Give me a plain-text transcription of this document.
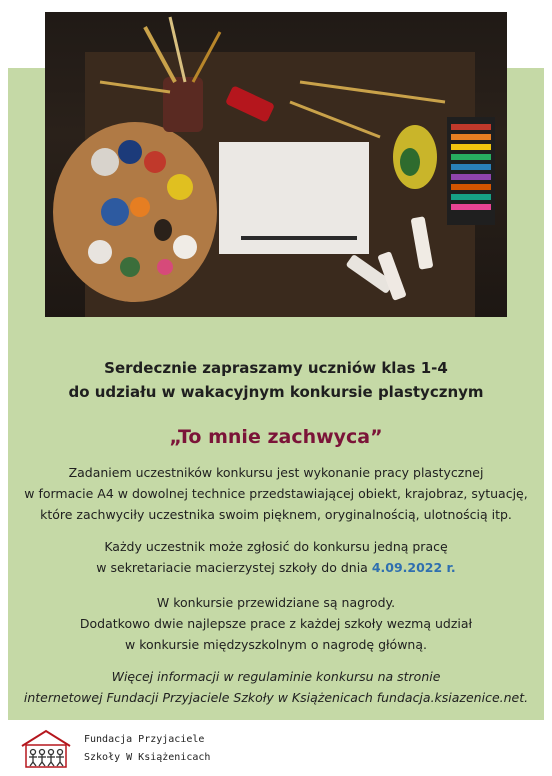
Serdecznie zapraszamy uczniów klas 1-4
do udziału w wakacyjnym konkursie plastycznym
„To mnie zachwyca”
Zadaniem uczestników konkursu jest wykonanie pracy plastycznej
w formacie A4 w dowolnej technice przedstawiającej obiekt, krajobraz, sytuację,
które zachwyciły uczestnika swoim pięknem, oryginalnością, ulotnością itp.
Każdy uczestnik może zgłosić do konkursu jedną pracę
w sekretariacie macierzystej szkoły do dnia 4.09.2022 r.
W konkursie przewidziane są nagrody.
Dodatkowo dwie najlepsze prace z każdej szkoły wezmą udział
w konkursie międzyszkolnym o nagrodę główną.
Więcej informacji w regulaminie konkursu na stronie
internetowej Fundacji Przyjaciele Szkoły w Książenicach fundacja.ksiazenice.net.
Fundacja Przyjaciele
Szkoły W Książenicach
